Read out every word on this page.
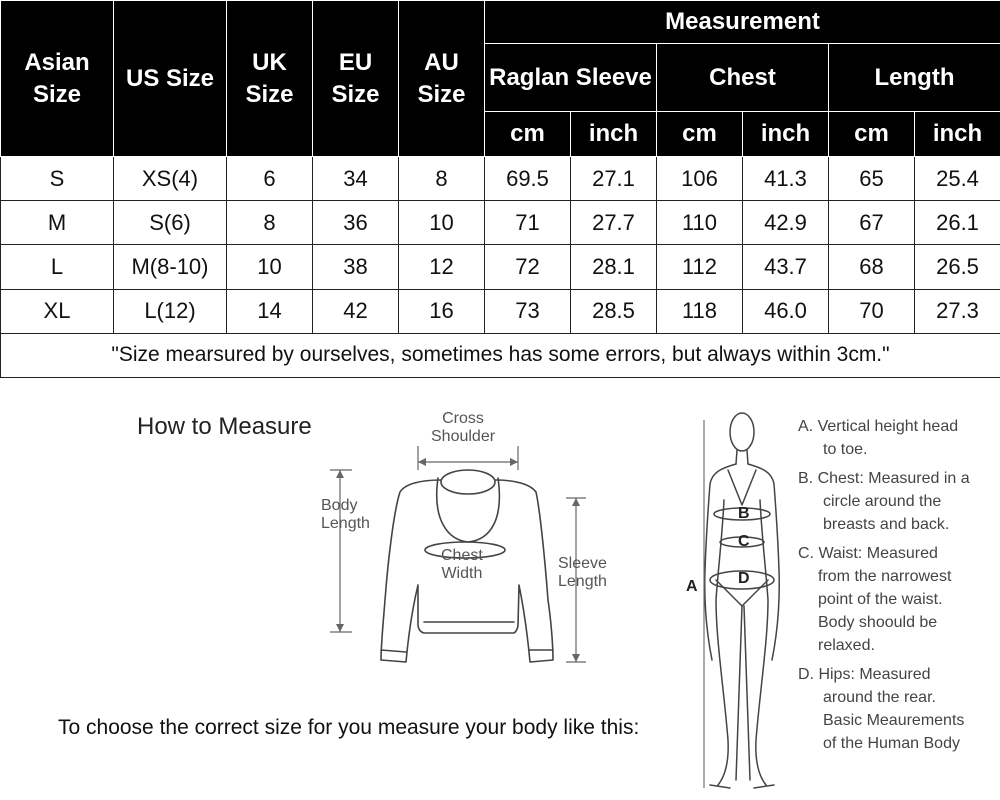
Asian Size	US Size	UK Size	EU Size	AU Size	Measurement					
					Raglan Sleeve		Chest		Length	
					cm	inch	cm	inch	cm	inch
S	XS(4)	6	34	8	69.5	27.1	106	41.3	65	25.4
M	S(6)	8	36	10	71	27.7	110	42.9	67	26.1
L	M(8-10)	10	38	12	72	28.1	112	43.7	68	26.5
XL	L(12)	14	42	16	73	28.5	118	46.0	70	27.3
"Size mearsured by ourselves, sometimes has some errors, but always within 3cm."										
How to Measure	Cross
Shoulder
Body
Length
Chest
Width
Sleeve
Length
B
C
D
A
A. Vertical height head
to toe.
B. Chest: Measured in a
circle around the
breasts and back.
C. Waist: Measured
from the narrowest
point of the waist.
Body shoould be
relaxed.
D. Hips: Measured
around the rear.
Basic Meaurements
of the Human Body
To choose the correct size for you measure your body like this:
